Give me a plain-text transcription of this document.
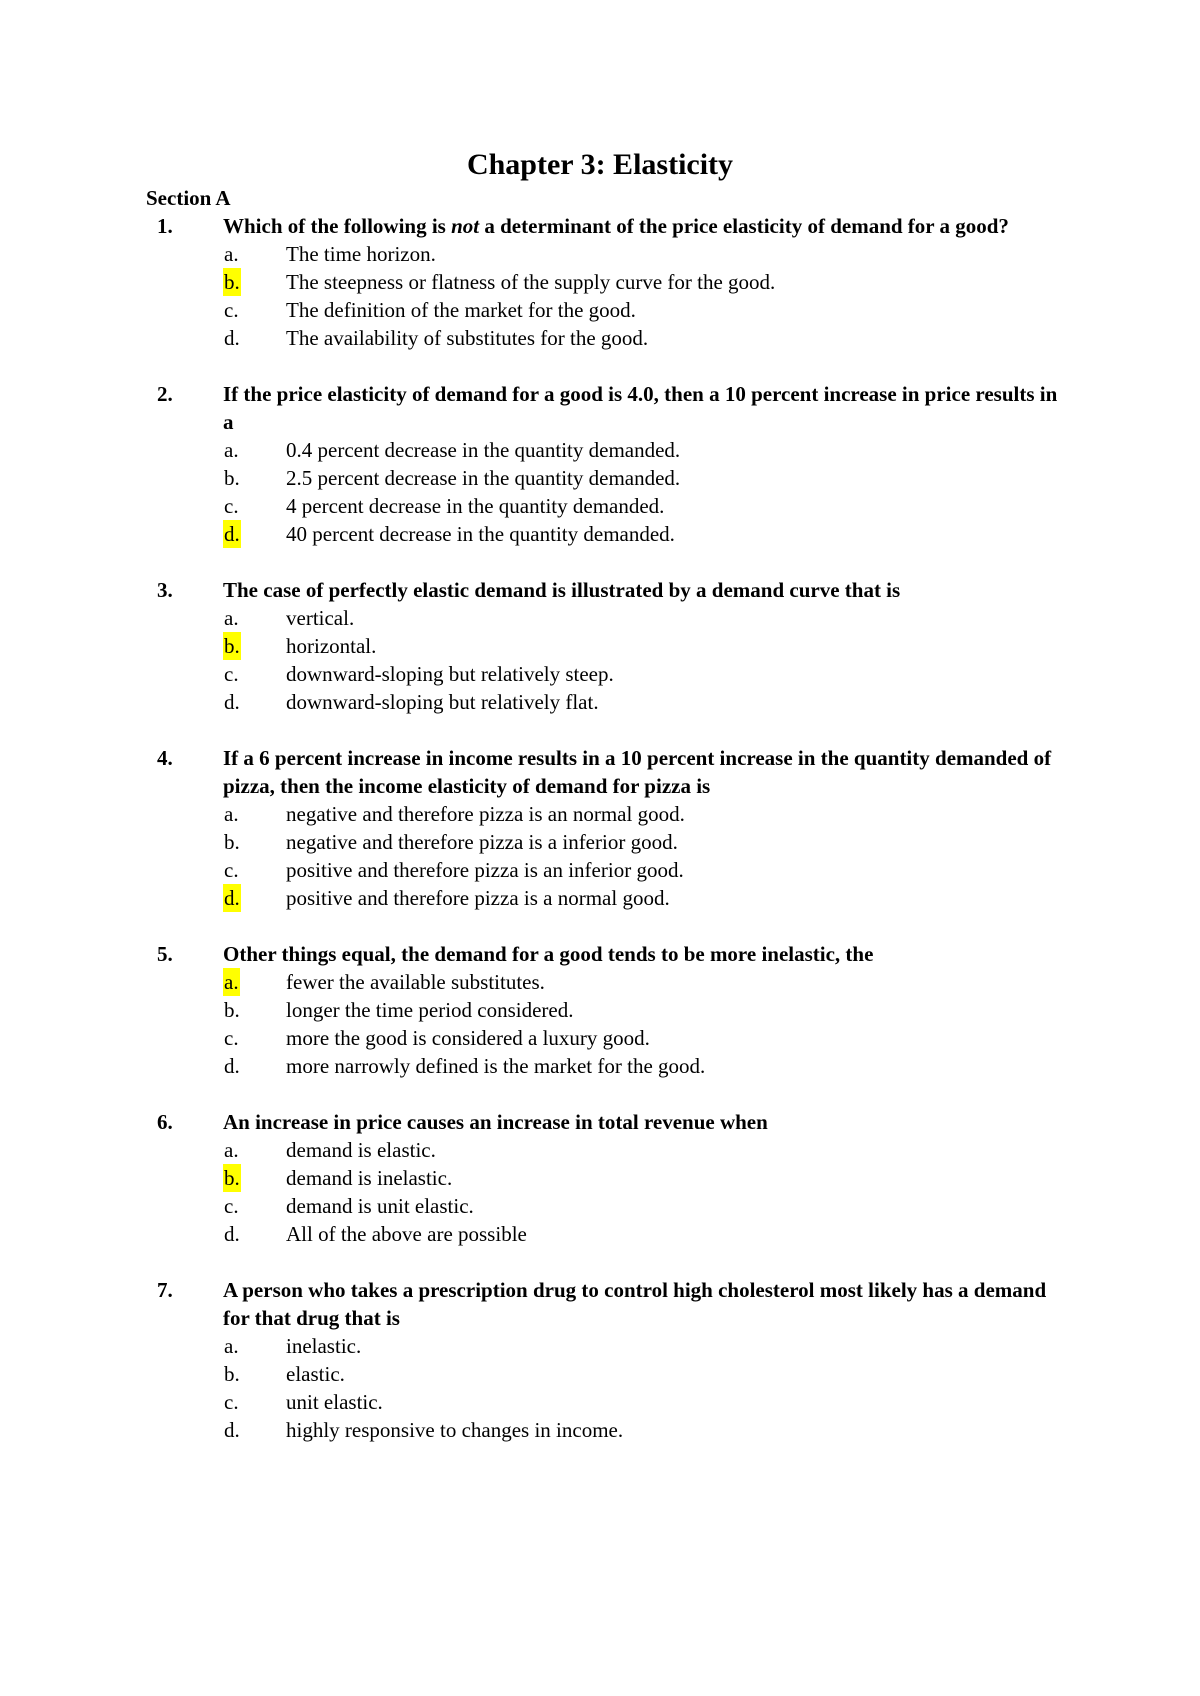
Chapter 3: Elasticity
Section A
1.	Which of the following is not a determinant of the price elasticity of demand for a good?
a.	The time horizon.
b.	The steepness or flatness of the supply curve for the good.
c.	The definition of the market for the good.
d.	The availability of substitutes for the good.
2.	If the price elasticity of demand for a good is 4.0, then a 10 percent increase in price results in a
a.	0.4 percent decrease in the quantity demanded.
b.	2.5 percent decrease in the quantity demanded.
c.	4 percent decrease in the quantity demanded.
d.	40 percent decrease in the quantity demanded.
3.	The case of perfectly elastic demand is illustrated by a demand curve that is
a.	vertical.
b.	horizontal.
c.	downward-sloping but relatively steep.
d.	downward-sloping but relatively flat.
4.	If a 6 percent increase in income results in a 10 percent increase in the quantity demanded of pizza, then the income elasticity of demand for pizza is
a.	negative and therefore pizza is an normal good.
b.	negative and therefore pizza is a inferior good.
c.	positive and therefore pizza is an inferior good.
d.	positive and therefore pizza is a normal good.
5.	Other things equal, the demand for a good tends to be more inelastic, the
a.	fewer the available substitutes.
b.	longer the time period considered.
c.	more the good is considered a luxury good.
d.	more narrowly defined is the market for the good.
6.	An increase in price causes an increase in total revenue when
a.	demand is elastic.
b.	demand is inelastic.
c.	demand is unit elastic.
d.	All of the above are possible
7.	A person who takes a prescription drug to control high cholesterol most likely has a demand for that drug that is
a.	inelastic.
b.	elastic.
c.	unit elastic.
d.	highly responsive to changes in income.
